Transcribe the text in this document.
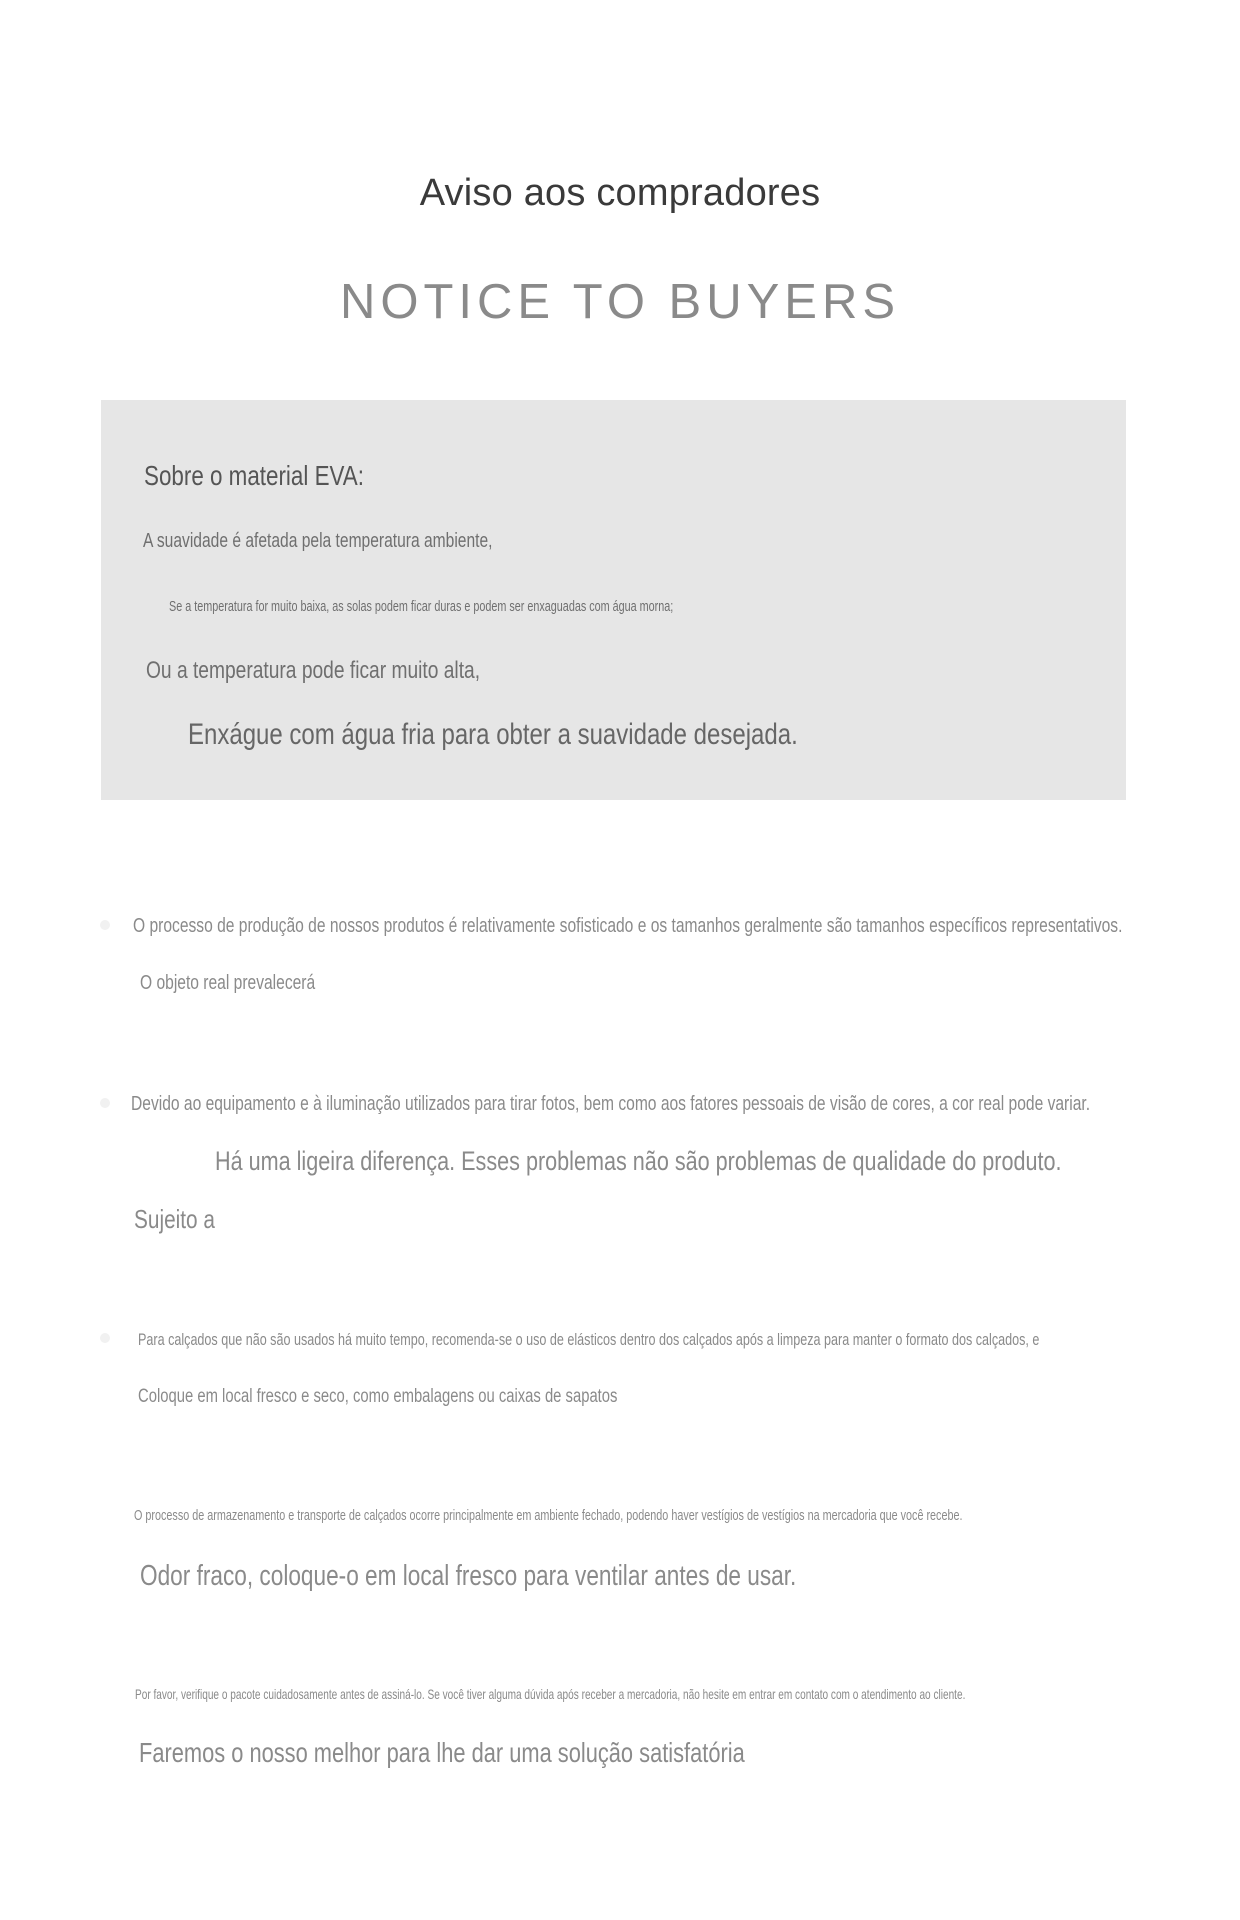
Aviso aos compradores
NOTICE TO BUYERS
Sobre o material EVA:
A suavidade é afetada pela temperatura ambiente,
Se a temperatura for muito baixa, as solas podem ficar duras e podem ser enxaguadas com água morna;
Ou a temperatura pode ficar muito alta,
Enxágue com água fria para obter a suavidade desejada.
O processo de produção de nossos produtos é relativamente sofisticado e os tamanhos geralmente são tamanhos específicos representativos.
O objeto real prevalecerá
Devido ao equipamento e à iluminação utilizados para tirar fotos, bem como aos fatores pessoais de visão de cores, a cor real pode variar.
Há uma ligeira diferença. Esses problemas não são problemas de qualidade do produto.
Sujeito a
Para calçados que não são usados há muito tempo, recomenda-se o uso de elásticos dentro dos calçados após a limpeza para manter o formato dos calçados, e
Coloque em local fresco e seco, como embalagens ou caixas de sapatos
O processo de armazenamento e transporte de calçados ocorre principalmente em ambiente fechado, podendo haver vestígios de vestígios na mercadoria que você recebe.
Odor fraco, coloque-o em local fresco para ventilar antes de usar.
Por favor, verifique o pacote cuidadosamente antes de assiná-lo. Se você tiver alguma dúvida após receber a mercadoria, não hesite em entrar em contato com o atendimento ao cliente.
Faremos o nosso melhor para lhe dar uma solução satisfatória
